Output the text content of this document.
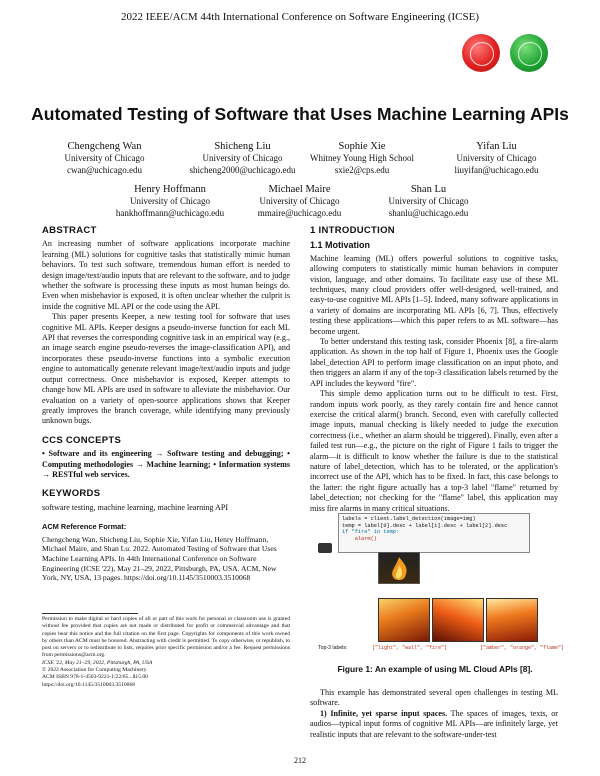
2022 IEEE/ACM 44th International Conference on Software Engineering (ICSE)
Automated Testing of Software that Uses Machine Learning APIs
Chengcheng Wan
University of Chicago
cwan@uchicago.edu
Shicheng Liu
University of Chicago
shicheng2000@uchicago.edu
Sophie Xie
Whitney Young High School
sxie2@cps.edu
Yifan Liu
University of Chicago
liuyifan@uchicago.edu
Henry Hoffmann
University of Chicago
hankhoffmann@uchicago.edu
Michael Maire
University of Chicago
mmaire@uchicago.edu
Shan Lu
University of Chicago
shanlu@uchicago.edu
ABSTRACT

An increasing number of software applications incorporate machine learning (ML) solutions for cognitive tasks that statistically mimic human behaviors. To test such software, tremendous human effort is needed to design image/text/audio inputs that are relevant to the software, and to judge whether the software is processing these inputs as most human beings do. Even when misbehavior is exposed, it is often unclear whether the culprit is inside the cognitive ML API or the code using the API.

This paper presents Keeper, a new testing tool for software that uses cognitive ML APIs. Keeper designs a pseudo-inverse function for each ML API that reverses the corresponding cognitive task in an empirical way (e.g., an image search engine pseudo-reverses the image-classification API), and incorporates these pseudo-inverse functions into a symbolic execution engine to automatically generate relevant image/text/audio inputs and judge output correctness. Once misbehavior is exposed, Keeper attempts to change how ML APIs are used in software to alleviate the misbehavior. Our evaluation on a variety of open-source applications shows that Keeper greatly improves the branch coverage, while identifying many previously unknown bugs.

CCS CONCEPTS

• Software and its engineering → Software testing and debugging; • Computing methodologies → Machine learning; • Information systems → RESTful web services.

KEYWORDS

software testing, machine learning, machine learning API

ACM Reference Format:

Chengcheng Wan, Shicheng Liu, Sophie Xie, Yifan Liu, Henry Hoffmann, Michael Maire, and Shan Lu. 2022. Automated Testing of Software that Uses Machine Learning APIs. In 44th International Conference on Software Engineering (ICSE '22), May 21–29, 2022, Pittsburgh, PA, USA. ACM, New York, NY, USA, 13 pages. https://doi.org/10.1145/3510003.3510068

Permission to make digital or hard copies of all or part of this work for personal or classroom use is granted without fee provided that copies are not made or distributed for profit or commercial advantage and that copies bear this notice and the full citation on the first page. Copyrights for components of this work owned by others than ACM must be honored. Abstracting with credit is permitted. To copy otherwise, or republish, to post on servers or to redistribute to lists, requires prior specific permission and/or a fee. Request permissions from permissions@acm.org.

ICSE '22, May 21–29, 2022, Pittsburgh, PA, USA

© 2022 Association for Computing Machinery.

ACM ISBN 978-1-4503-9221-1/22/05...$15.00

https://doi.org/10.1145/3510003.3510068

1 INTRODUCTION
1.1 Motivation

Machine learning (ML) offers powerful solutions to cognitive tasks, allowing computers to statistically mimic human behaviors in computer vision, language, and other domains. To facilitate easy use of these ML techniques, many cloud providers offer well-designed, well-trained, and easy-to-use cognitive ML APIs [1–5]. Indeed, many software applications in a variety of domains are incorporating ML APIs [6, 7]. Thus, effectively testing these applications—which this paper refers to as ML software—has become urgent.

To better understand this testing task, consider Phoenix [8], a fire-alarm application. As shown in the top half of Figure 1, Phoenix uses the Google label_detection API to perform image classification on an input photo, and then triggers an alarm if any of the top-3 classification labels returned by the API includes the keyword "fire".

This simple demo application turns out to be difficult to test. First, random inputs work poorly, as they rarely contain fire and hence cannot exercise the critical alarm() branch. Second, even with carefully collected image inputs, manual checking is likely needed to judge the execution correctness (i.e., whether an alarm should be triggered). Finally, even after a failed test run—e.g., the picture on the right of Figure 1 fails to trigger the alarm—it is difficult to know whether the failure is due to the statistical nature of label_detection, which has to be tolerated, or the application's incorrect use of the API, which has to be fixed. In fact, this case belongs to the latter: the right figure actually has a top-3 label "flame" returned by label_detection; not checking for the "flame" label, this application may miss fire alarms in many critical situations.

labels = client.label_detection(image=img)
temp = label[0].desc + label[1].desc + label[2].desc
if "fire" in temp:
alarm()
Top-3 labels:	["light", "wall", "fire"]	["amber", "orange", "flame"]
Figure 1: An example of using ML Cloud APIs [8].

This example has demonstrated several open challenges in testing ML software.

1) Infinite, yet sparse input spaces. The spaces of images, texts, or audios—typical input forms of cognitive ML APIs—are infinitely large, yet realistic inputs that are relevant to the software-under-test

212
